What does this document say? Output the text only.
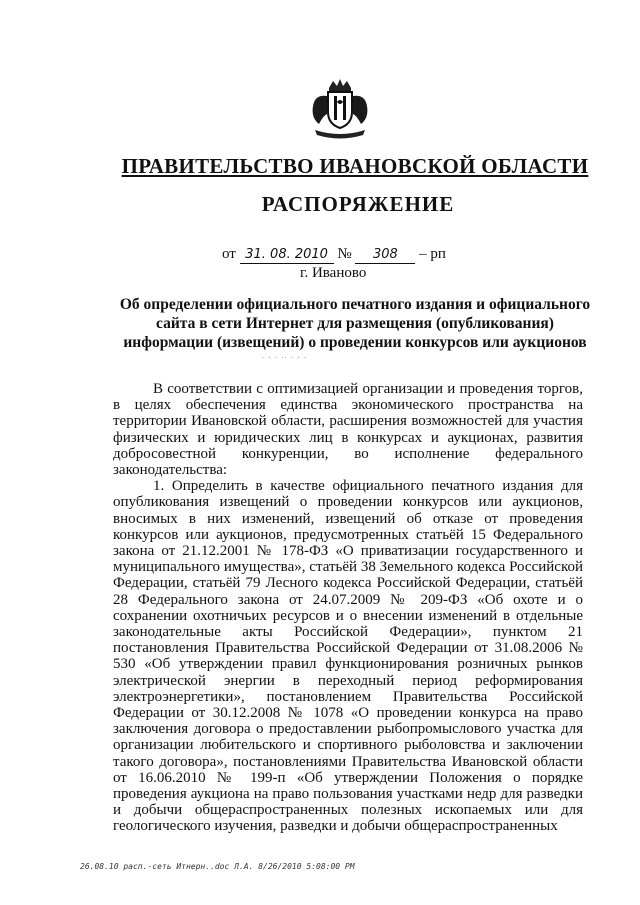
ПРАВИТЕЛЬСТВО ИВАНОВСКОЙ ОБЛАСТИ
РАСПОРЯЖЕНИЕ
от 31. 08. 2010 № 308 – рп
г. Иваново
Об определении официального печатного издания и официального сайта в сети Интернет для размещения (опубликования) информации (извещений) о проведении конкурсов или аукционов
· · · ·· · · ·

В соответствии с оптимизацией организации и проведения торгов, в целях обеспечения единства экономического пространства на территории Ивановской области, расширения возможностей для участия физических и юридических лиц в конкурсах и аукционах, развития добросовестной конкуренции, во исполнение федерального законодательства:

1. Определить в качестве официального печатного издания для опубликования извещений о проведении конкурсов или аукционов, вносимых в них изменений, извещений об отказе от проведения конкурсов или аукционов, предусмотренных статьёй 15 Федерального закона от 21.12.2001 № 178-ФЗ «О приватизации государственного и муниципального имущества», статьёй 38 Земельного кодекса Российской Федерации, статьёй 79 Лесного кодекса Российской Федерации, статьёй 28 Федерального закона от 24.07.2009 № 209-ФЗ «Об охоте и о сохранении охотничьих ресурсов и о внесении изменений в отдельные законодательные акты Российской Федерации», пунктом 21 постановления Правительства Российской Федерации от 31.08.2006 № 530 «Об утверждении правил функционирования розничных рынков электрической энергии в переходный период реформирования электроэнергетики», постановлением Правительства Российской Федерации от 30.12.2008 № 1078 «О проведении конкурса на право заключения договора о предоставлении рыбопромыслового участка для организации любительского и спортивного рыболовства и заключении такого договора», постановлениями Правительства Ивановской области от 16.06.2010 № 199-п «Об утверждении Положения о порядке проведения аукциона на право пользования участками недр для разведки и добычи общераспространенных полезных ископаемых или для геологического изучения, разведки и добычи общераспространенных

26.08.10 расп.-сеть Итнерн..doc Л.А. 8/26/2010 5:08:00 PM
